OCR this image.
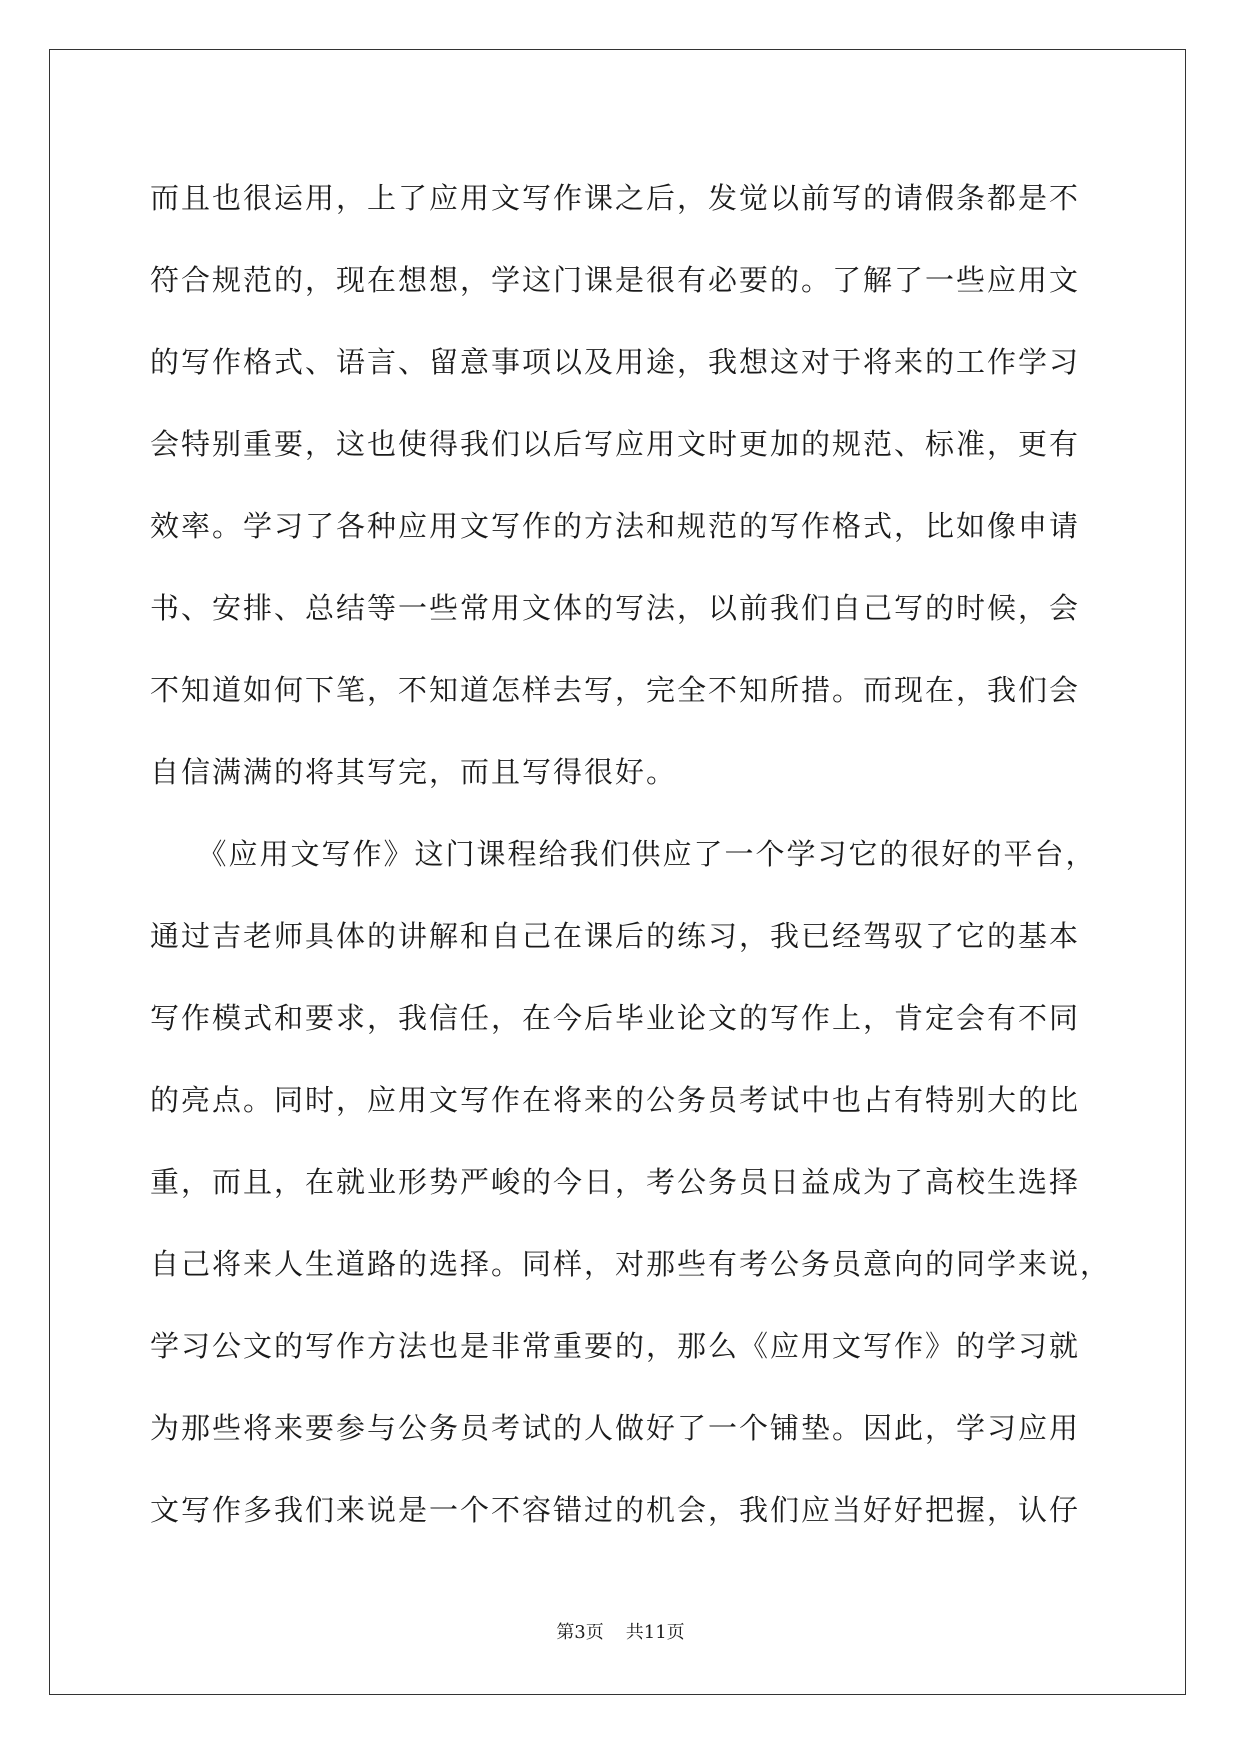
而且也很运用，上了应用文写作课之后，发觉以前写的请假条都是不
符合规范的，现在想想，学这门课是很有必要的。了解了一些应用文
的写作格式、语言、留意事项以及用途，我想这对于将来的工作学习
会特别重要，这也使得我们以后写应用文时更加的规范、标准，更有
效率。学习了各种应用文写作的方法和规范的写作格式，比如像申请
书、安排、总结等一些常用文体的写法，以前我们自己写的时候，会
不知道如何下笔，不知道怎样去写，完全不知所措。而现在，我们会
自信满满的将其写完，而且写得很好。
　　《应用文写作》这门课程给我们供应了一个学习它的很好的平台，
通过吉老师具体的讲解和自己在课后的练习，我已经驾驭了它的基本
写作模式和要求，我信任，在今后毕业论文的写作上，肯定会有不同
的亮点。同时，应用文写作在将来的公务员考试中也占有特别大的比
重，而且，在就业形势严峻的今日，考公务员日益成为了高校生选择
自己将来人生道路的选择。同样，对那些有考公务员意向的同学来说，
学习公文的写作方法也是非常重要的，那么《应用文写作》的学习就
为那些将来要参与公务员考试的人做好了一个铺垫。因此，学习应用
文写作多我们来说是一个不容错过的机会，我们应当好好把握，认仔
第3页 共11页
